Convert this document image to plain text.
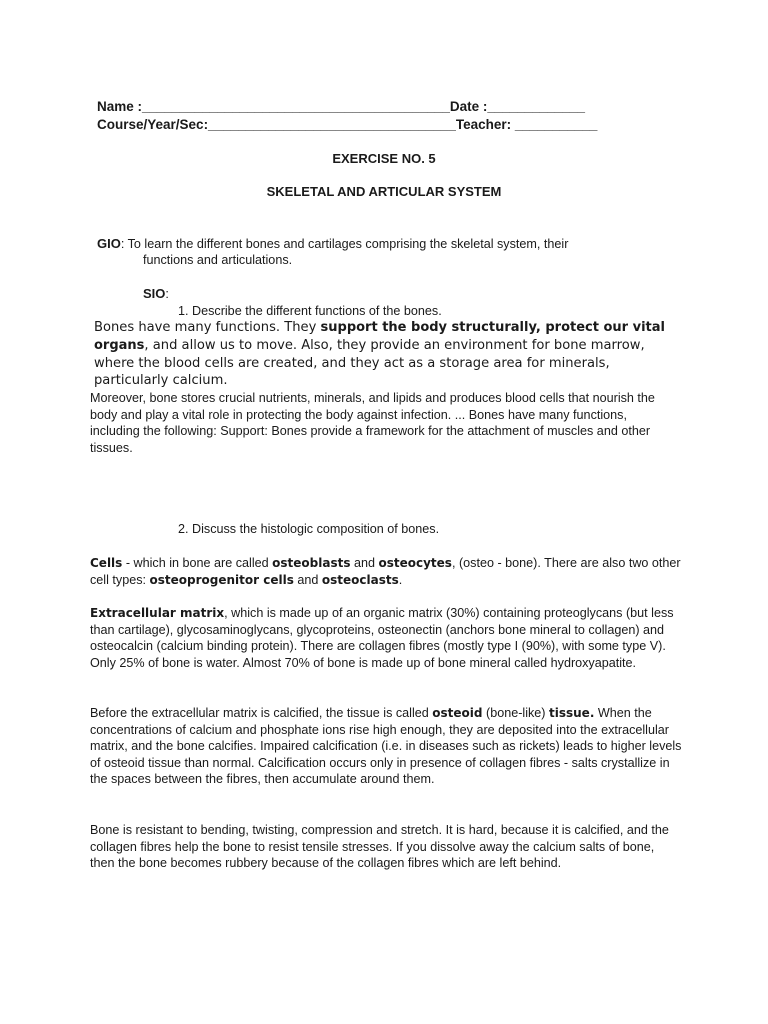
Name :_________________________________________Date :_____________
Course/Year/Sec:_________________________________Teacher: ___________
EXERCISE NO. 5
SKELETAL AND ARTICULAR SYSTEM
GIO: To learn the different bones and cartilages comprising the skeletal system, their
functions and articulations.
SIO:
1. Describe the different functions of the bones.
Bones have many functions. They support the body structurally, protect our vital organs, and allow us to move. Also, they provide an environment for bone marrow, where the blood cells are created, and they act as a storage area for minerals, particularly calcium.
Moreover, bone stores crucial nutrients, minerals, and lipids and produces blood cells that nourish the body and play a vital role in protecting the body against infection. ... Bones have many functions, including the following: Support: Bones provide a framework for the attachment of muscles and other tissues.
2. Discuss the histologic composition of bones.
Cells - which in bone are called osteoblasts and osteocytes, (osteo - bone). There are also two other cell types: osteoprogenitor cells and osteoclasts.
Extracellular matrix, which is made up of an organic matrix (30%) containing proteoglycans (but less than cartilage), glycosaminoglycans, glycoproteins, osteonectin (anchors bone mineral to collagen) and osteocalcin (calcium binding protein). There are collagen fibres (mostly type I (90%), with some type V). Only 25% of bone is water. Almost 70% of bone is made up of bone mineral called hydroxyapatite.
Before the extracellular matrix is calcified, the tissue is called osteoid (bone-like) tissue. When the concentrations of calcium and phosphate ions rise high enough, they are deposited into the extracellular matrix, and the bone calcifies. Impaired calcification (i.e. in diseases such as rickets) leads to higher levels of osteoid tissue than normal. Calcification occurs only in presence of collagen fibres - salts crystallize in the spaces between the fibres, then accumulate around them.
Bone is resistant to bending, twisting, compression and stretch. It is hard, because it is calcified, and the collagen fibres help the bone to resist tensile stresses. If you dissolve away the calcium salts of bone, then the bone becomes rubbery because of the collagen fibres which are left behind.
